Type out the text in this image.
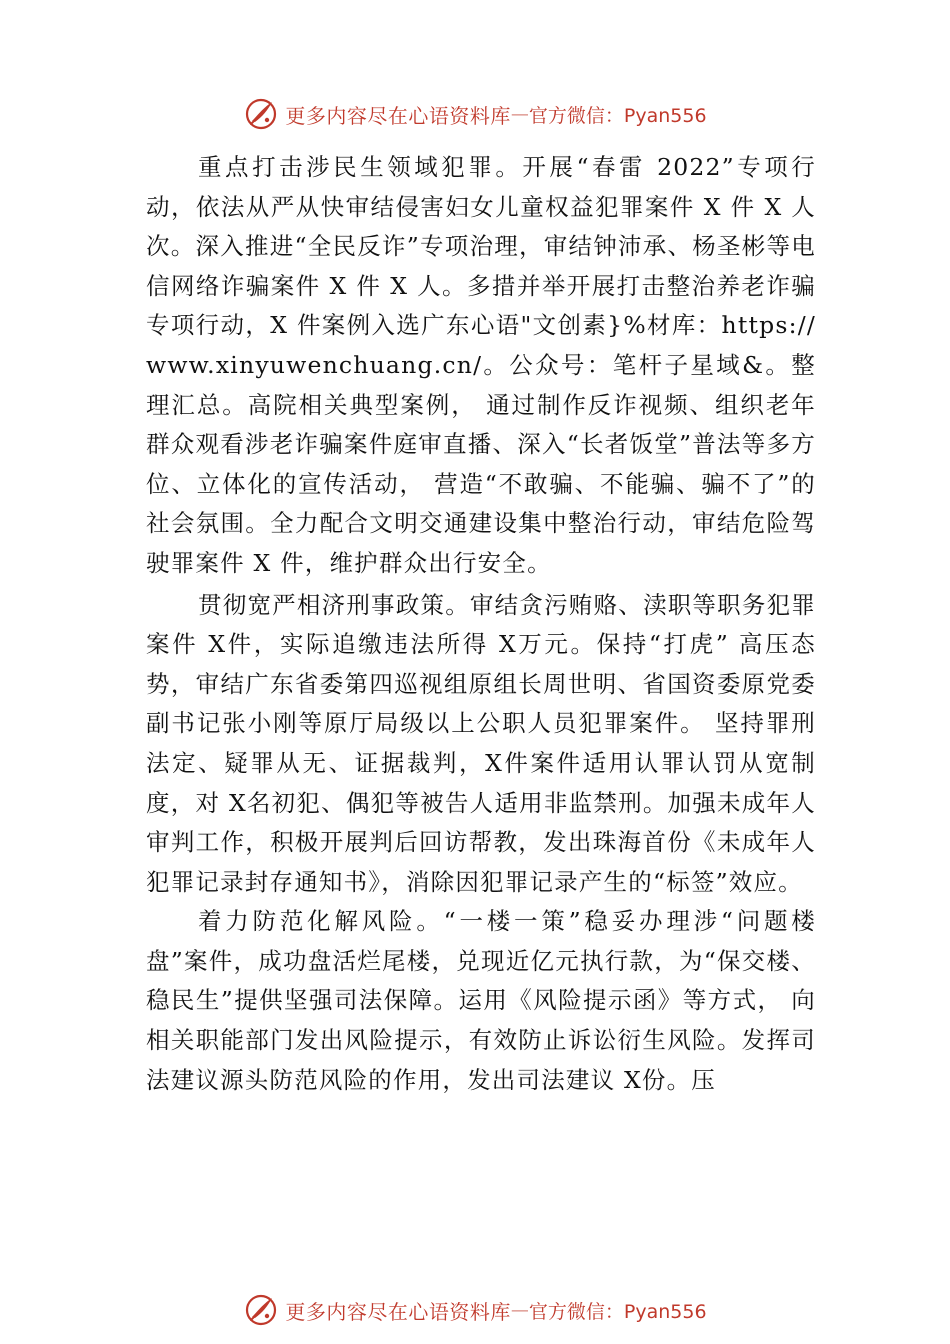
更多内容尽在心语资料库 — 官方微信：Pyan556

重点打击涉民生领域犯罪。开展“春雷 2022”专项行动，依法从严从快审结侵害妇女儿童权益犯罪案件 X 件 X 人次。深入推进“全民反诈”专项治理，审结钟沛承、杨圣彬等电信网络诈骗案件 X 件 X 人。多措并举开展打击整治养老诈骗专项行动，X 件案例入选广东心语"文创素}%材库：https://www.xinyuwenchuang.cn/。公众号：笔杆子星域&。整理汇总。高院相关典型案例， 通过制作反诈视频、组织老年群众观看涉老诈骗案件庭审直播、深入“长者饭堂”普法等多方位、立体化的宣传活动， 营造“不敢骗、不能骗、骗不了”的社会氛围。全力配合文明交通建设集中整治行动，审结危险驾驶罪案件 X 件，维护群众出行安全。

贯彻宽严相济刑事政策。审结贪污贿赂、渎职等职务犯罪案件 X件，实际追缴违法所得 X万元。保持“打虎” 高压态势，审结广东省委第四巡视组原组长周世明、省国资委原党委副书记张小刚等原厅局级以上公职人员犯罪案件。 坚持罪刑法定、疑罪从无、证据裁判，X件案件适用认罪认罚从宽制度，对 X名初犯、偶犯等被告人适用非监禁刑。加强未成年人审判工作，积极开展判后回访帮教，发出珠海首份《未成年人犯罪记录封存通知书》，消除因犯罪记录产生的“标签”效应。

着力防范化解风险。“一楼一策”稳妥办理涉“问题楼盘”案件，成功盘活烂尾楼，兑现近亿元执行款，为“保交楼、 稳民生”提供坚强司法保障。运用《风险提示函》等方式， 向相关职能部门发出风险提示，有效防止诉讼衍生风险。发挥司法建议源头防范风险的作用，发出司法建议 X份。压

更多内容尽在心语资料库 — 官方微信：Pyan556
